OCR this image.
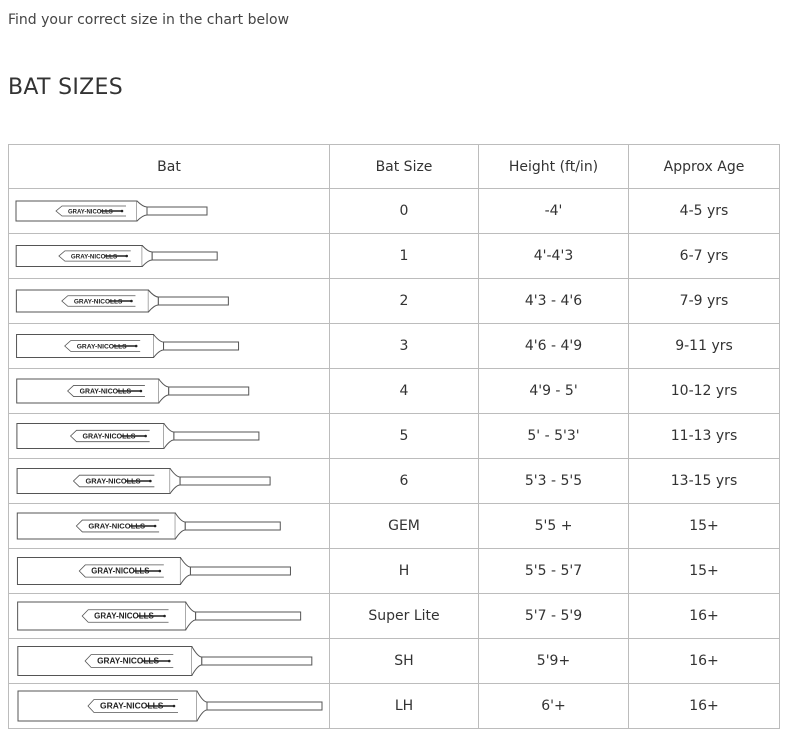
Find your correct size in the chart below

BAT SIZES
Bat	Bat Size	Height (ft/in)	Approx Age

GRAY-NICOLLS	0	-4'	4-5 yrs

GRAY-NICOLLS	1	4'-4'3	6-7 yrs

GRAY-NICOLLS	2	4'3 - 4'6	7-9 yrs

GRAY-NICOLLS	3	4'6 - 4'9	9-11 yrs

GRAY-NICOLLS	4	4'9 - 5'	10-12 yrs

GRAY-NICOLLS	5	5' - 5'3'	11-13 yrs

GRAY-NICOLLS	6	5'3 - 5'5	13-15 yrs

GRAY-NICOLLS	GEM	5'5 +	15+

GRAY-NICOLLS	H	5'5 - 5'7	15+

GRAY-NICOLLS	Super Lite	5'7 - 5'9	16+

GRAY-NICOLLS	SH	5'9+	16+

GRAY-NICOLLS	LH	6'+	16+
